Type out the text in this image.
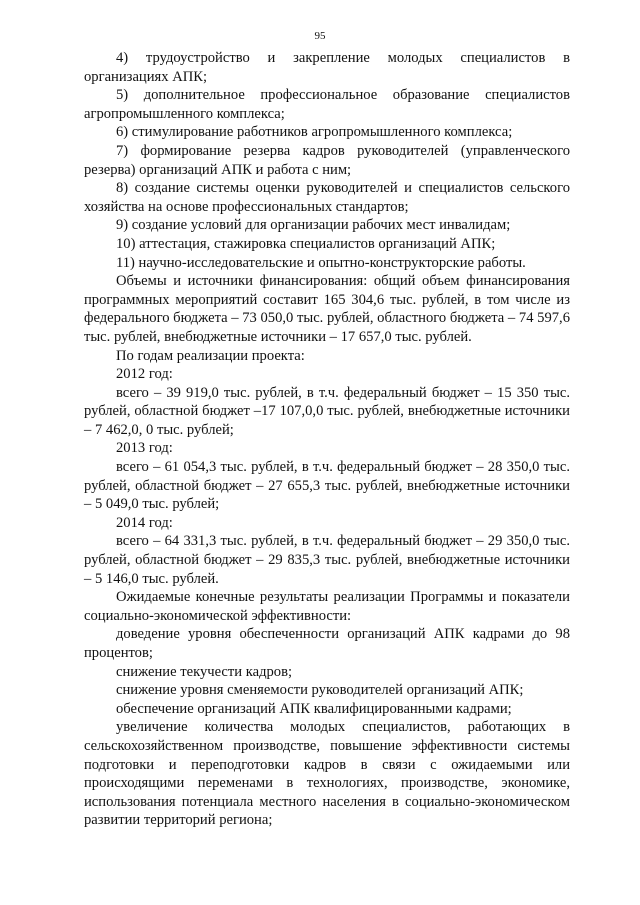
95

4) трудоустройство и закрепление молодых специалистов в организациях АПК;

5) дополнительное профессиональное образование специалистов агропромышленного комплекса;

6) стимулирование работников агропромышленного комплекса;

7) формирование резерва кадров руководителей (управленческого резерва) организаций АПК и работа с ним;

8) создание системы оценки руководителей и специалистов сельского хозяйства на основе профессиональных стандартов;

9) создание условий для организации рабочих мест инвалидам;

10) аттестация, стажировка специалистов организаций АПК;

11) научно-исследовательские и опытно-конструкторские работы.

Объемы и источники финансирования: общий объем финансирования программных мероприятий составит 165 304,6 тыс. рублей, в том числе из федерального бюджета – 73 050,0 тыс. рублей, областного бюджета – 74 597,6 тыс. рублей, внебюджетные источники – 17 657,0 тыс. рублей.

По годам реализации проекта:

2012 год:

всего – 39 919,0 тыс. рублей, в т.ч. федеральный бюджет – 15 350 тыс. рублей, областной бюджет –17 107,0,0 тыс. рублей, внебюджетные источники – 7 462,0, 0 тыс. рублей;

2013 год:

всего – 61 054,3 тыс. рублей, в т.ч. федеральный бюджет – 28 350,0 тыс. рублей, областной бюджет – 27 655,3 тыс. рублей, внебюджетные источники – 5 049,0 тыс. рублей;

2014 год:

всего – 64 331,3 тыс. рублей, в т.ч. федеральный бюджет – 29 350,0 тыс. рублей, областной бюджет – 29 835,3 тыс. рублей, внебюджетные источники – 5 146,0 тыс. рублей.

Ожидаемые конечные результаты реализации Программы и показатели социально-экономической эффективности:

доведение уровня обеспеченности организаций АПК кадрами до 98 процентов;

снижение текучести кадров;

снижение уровня сменяемости руководителей организаций АПК;

обеспечение организаций АПК квалифицированными кадрами;

увеличение количества молодых специалистов, работающих в сельскохозяйственном производстве, повышение эффективности системы подготовки и переподготовки кадров в связи с ожидаемыми или происходящими переменами в технологиях, производстве, экономике, использования потенциала местного населения в социально-экономическом развитии территорий региона;
